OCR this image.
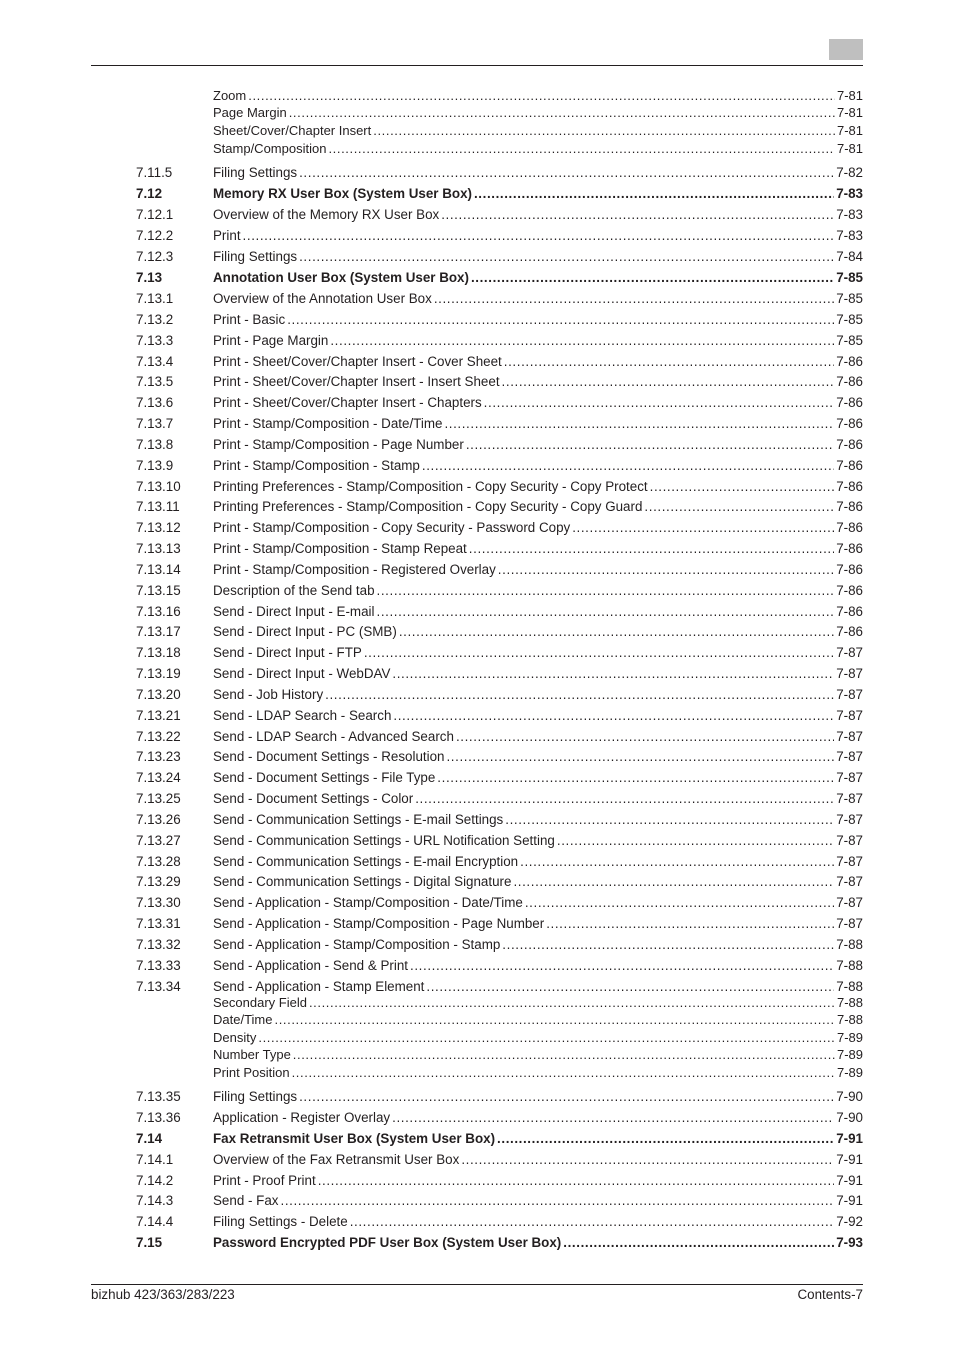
Zoom .....	7-81
Page Margin .....	7-81
Sheet/Cover/Chapter Insert .....	7-81
Stamp/Composition .....	7-81
7.11.5	Filing Settings .....	7-82
7.12	Memory RX User Box (System User Box) .....	7-83
7.12.1	Overview of the Memory RX User Box .....	7-83
7.12.2	Print .....	7-83
7.12.3	Filing Settings .....	7-84
7.13	Annotation User Box (System User Box) .....	7-85
7.13.1	Overview of the Annotation User Box .....	7-85
7.13.2	Print - Basic .....	7-85
7.13.3	Print - Page Margin .....	7-85
7.13.4	Print - Sheet/Cover/Chapter Insert - Cover Sheet .....	7-86
7.13.5	Print - Sheet/Cover/Chapter Insert - Insert Sheet .....	7-86
7.13.6	Print - Sheet/Cover/Chapter Insert - Chapters .....	7-86
7.13.7	Print - Stamp/Composition - Date/Time .....	7-86
7.13.8	Print - Stamp/Composition - Page Number .....	7-86
7.13.9	Print - Stamp/Composition - Stamp .....	7-86
7.13.10 Printing Preferences - Stamp/Composition - Copy Security - Copy Protect .....	7-86
7.13.11 Printing Preferences - Stamp/Composition - Copy Security - Copy Guard .....	7-86
7.13.12 Print - Stamp/Composition - Copy Security - Password Copy .....	7-86
7.13.13 Print - Stamp/Composition - Stamp Repeat .....	7-86
7.13.14 Print - Stamp/Composition - Registered Overlay .....	7-86
7.13.15 Description of the Send tab .....	7-86
7.13.16 Send - Direct Input - E-mail .....	7-86
7.13.17 Send - Direct Input - PC (SMB) .....	7-86
7.13.18 Send - Direct Input - FTP .....	7-87
7.13.19 Send - Direct Input - WebDAV .....	7-87
7.13.20 Send - Job History .....	7-87
7.13.21 Send - LDAP Search - Search .....	7-87
7.13.22 Send - LDAP Search - Advanced Search .....	7-87
7.13.23 Send - Document Settings - Resolution .....	7-87
7.13.24 Send - Document Settings - File Type .....	7-87
7.13.25 Send - Document Settings - Color .....	7-87
7.13.26 Send - Communication Settings - E-mail Settings .....	7-87
7.13.27 Send - Communication Settings - URL Notification Setting .....	7-87
7.13.28 Send - Communication Settings - E-mail Encryption .....	7-87
7.13.29 Send - Communication Settings - Digital Signature .....	7-87
7.13.30 Send - Application - Stamp/Composition - Date/Time .....	7-87
7.13.31 Send - Application - Stamp/Composition - Page Number .....	7-87
7.13.32 Send - Application - Stamp/Composition - Stamp .....	7-88
7.13.33 Send - Application - Send & Print .....	7-88
7.13.34 Send - Application - Stamp Element .....	7-88
Secondary Field .....	7-88
Date/Time .....	7-88
Density .....	7-89
Number Type .....	7-89
Print Position .....	7-89
7.13.35 Filing Settings .....	7-90
7.13.36 Application - Register Overlay .....	7-90
7.14	Fax Retransmit User Box (System User Box) .....	7-91
7.14.1	Overview of the Fax Retransmit User Box .....	7-91
7.14.2	Print - Proof Print .....	7-91
7.14.3	Send - Fax .....	7-91
7.14.4	Filing Settings - Delete .....	7-92
7.15	Password Encrypted PDF User Box (System User Box) .....	7-93
bizhub 423/363/283/223	Contents-7
